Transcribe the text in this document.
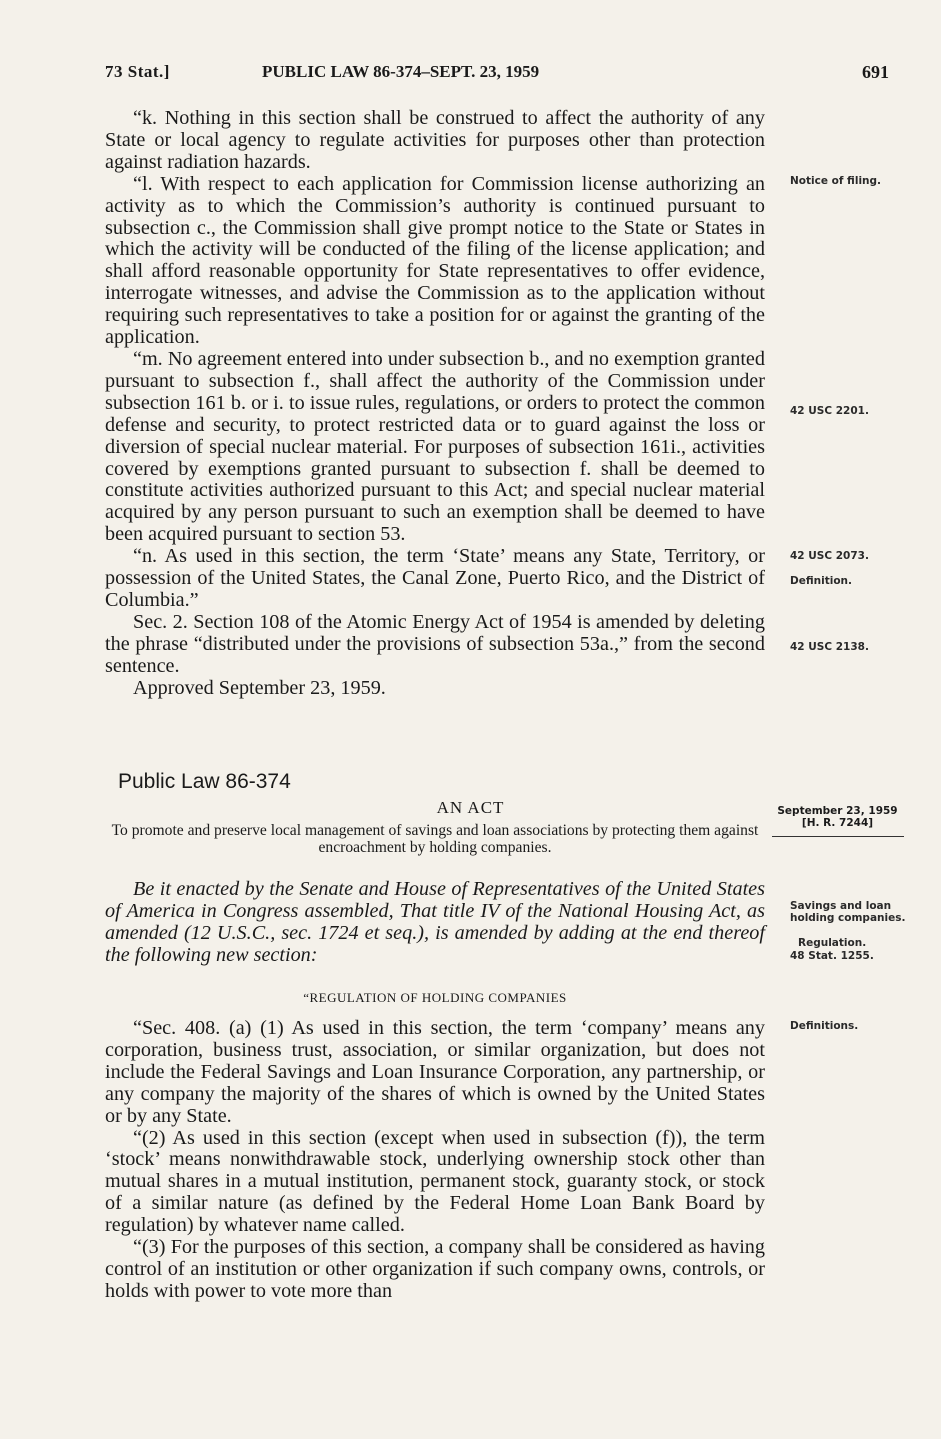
73 Stat.]	PUBLIC LAW 86-374–SEPT. 23, 1959	691

“k. Nothing in this section shall be construed to affect the authority of any State or local agency to regulate activities for purposes other than protection against radiation hazards.

“l. With respect to each application for Commission license authorizing an activity as to which the Commission’s authority is continued pursuant to subsection c., the Commission shall give prompt notice to the State or States in which the activity will be conducted of the filing of the license application; and shall afford reasonable opportunity for State representatives to offer evidence, interrogate witnesses, and advise the Commission as to the application without requiring such representatives to take a position for or against the granting of the application.

“m. No agreement entered into under subsection b., and no exemption granted pursuant to subsection f., shall affect the authority of the Commission under subsection 161 b. or i. to issue rules, regulations, or orders to protect the common defense and security, to protect restricted data or to guard against the loss or diversion of special nuclear material. For purposes of subsection 161i., activities covered by exemptions granted pursuant to subsection f. shall be deemed to constitute activities authorized pursuant to this Act; and special nuclear material acquired by any person pursuant to such an exemption shall be deemed to have been acquired pursuant to section 53.

“n. As used in this section, the term ‘State’ means any State, Territory, or possession of the United States, the Canal Zone, Puerto Rico, and the District of Columbia.”

Sec. 2. Section 108 of the Atomic Energy Act of 1954 is amended by deleting the phrase “distributed under the provisions of subsection 53a.,” from the second sentence.

Approved September 23, 1959.

Notice of filing.
42 USC 2201.
42 USC 2073.
Definition.
42 USC 2138.
Public Law 86-374
AN ACT
To promote and preserve local management of savings and loan associations by protecting them against encroachment by holding companies.
September 23, 1959
[H. R. 7244]

Be it enacted by the Senate and House of Representatives of the United States of America in Congress assembled, That title IV of the National Housing Act, as amended (12 U.S.C., sec. 1724 et seq.), is amended by adding at the end thereof the following new section:

Savings and loan holding companies.
Regulation.
48 Stat. 1255.
“REGULATION OF HOLDING COMPANIES

“Sec. 408. (a) (1) As used in this section, the term ‘company’ means any corporation, business trust, association, or similar organization, but does not include the Federal Savings and Loan Insurance Corporation, any partnership, or any company the majority of the shares of which is owned by the United States or by any State.

“(2) As used in this section (except when used in subsection (f)), the term ‘stock’ means nonwithdrawable stock, underlying ownership stock other than mutual shares in a mutual institution, permanent stock, guaranty stock, or stock of a similar nature (as defined by the Federal Home Loan Bank Board by regulation) by whatever name called.

“(3) For the purposes of this section, a company shall be considered as having control of an institution or other organization if such company owns, controls, or holds with power to vote more than

Definitions.
